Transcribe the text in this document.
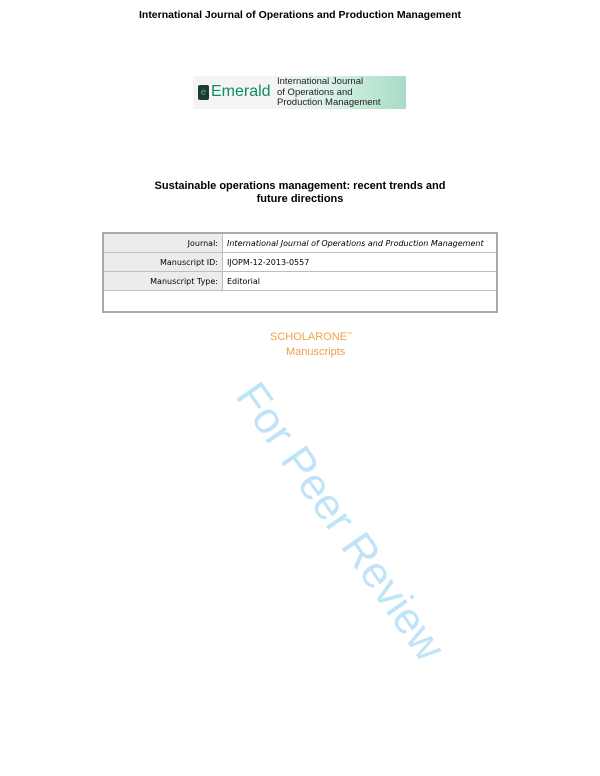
International Journal of Operations and Production Management
For Peer Review
e Emerald
International Journal
of Operations and
Production Management
Sustainable operations management: recent trends and
future directions
Journal:	International Journal of Operations and Production Management
Manuscript ID:	IJOPM-12-2013-0557
Manuscript Type:	Editorial

SCHOLARONE™
Manuscripts
